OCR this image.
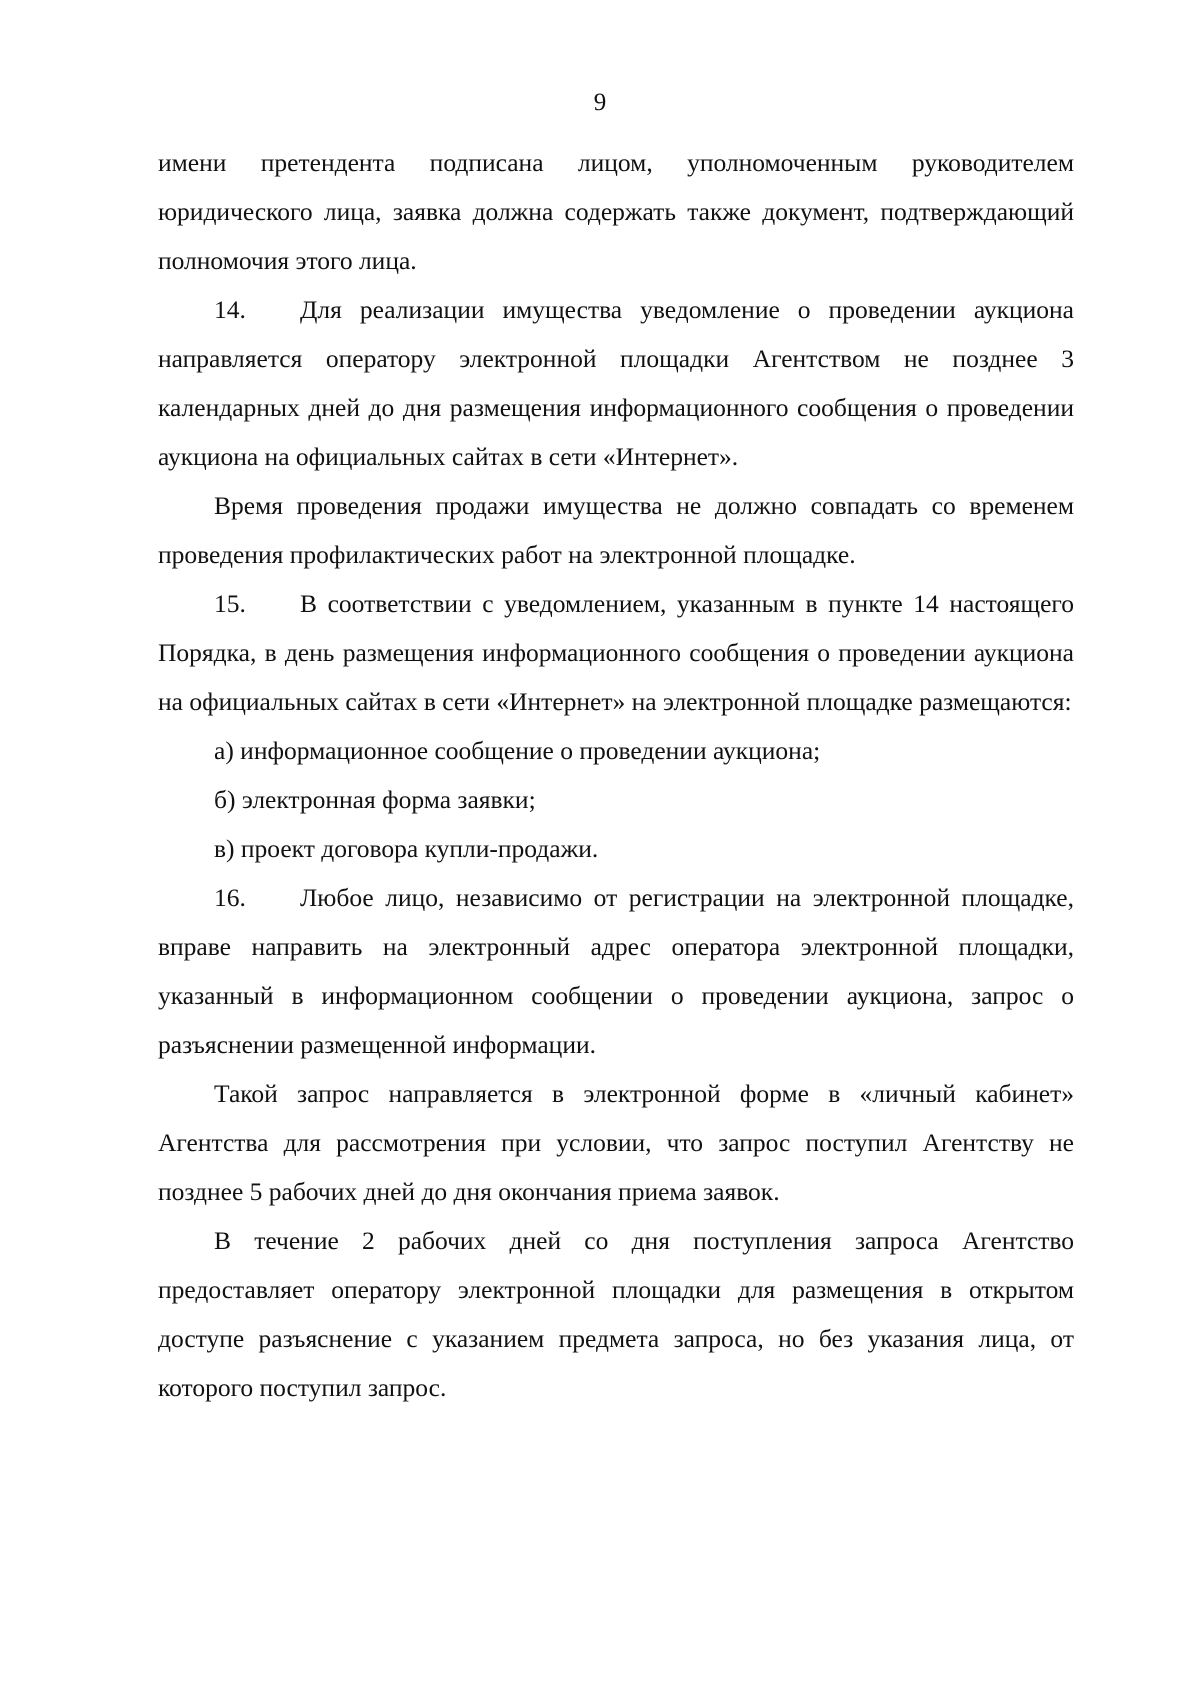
9

имени претендента подписана лицом, уполномоченным руководителем юридического лица, заявка должна содержать также документ, подтверждающий полномочия этого лица.

14. Для реализации имущества уведомление о проведении аукциона направляется оператору электронной площадки Агентством не позднее 3 календарных дней до дня размещения информационного сообщения о проведении аукциона на официальных сайтах в сети «Интернет».

Время проведения продажи имущества не должно совпадать со временем проведения профилактических работ на электронной площадке.

15. В соответствии с уведомлением, указанным в пункте 14 настоящего Порядка, в день размещения информационного сообщения о проведении аукциона на официальных сайтах в сети «Интернет» на электронной площадке размещаются:

а) информационное сообщение о проведении аукциона;

б) электронная форма заявки;

в) проект договора купли-продажи.

16. Любое лицо, независимо от регистрации на электронной площадке, вправе направить на электронный адрес оператора электронной площадки, указанный в информационном сообщении о проведении аукциона, запрос о разъяснении размещенной информации.

Такой запрос направляется в электронной форме в «личный кабинет» Агентства для рассмотрения при условии, что запрос поступил Агентству не позднее 5 рабочих дней до дня окончания приема заявок.

В течение 2 рабочих дней со дня поступления запроса Агентство предоставляет оператору электронной площадки для размещения в открытом доступе разъяснение с указанием предмета запроса, но без указания лица, от которого поступил запрос.
